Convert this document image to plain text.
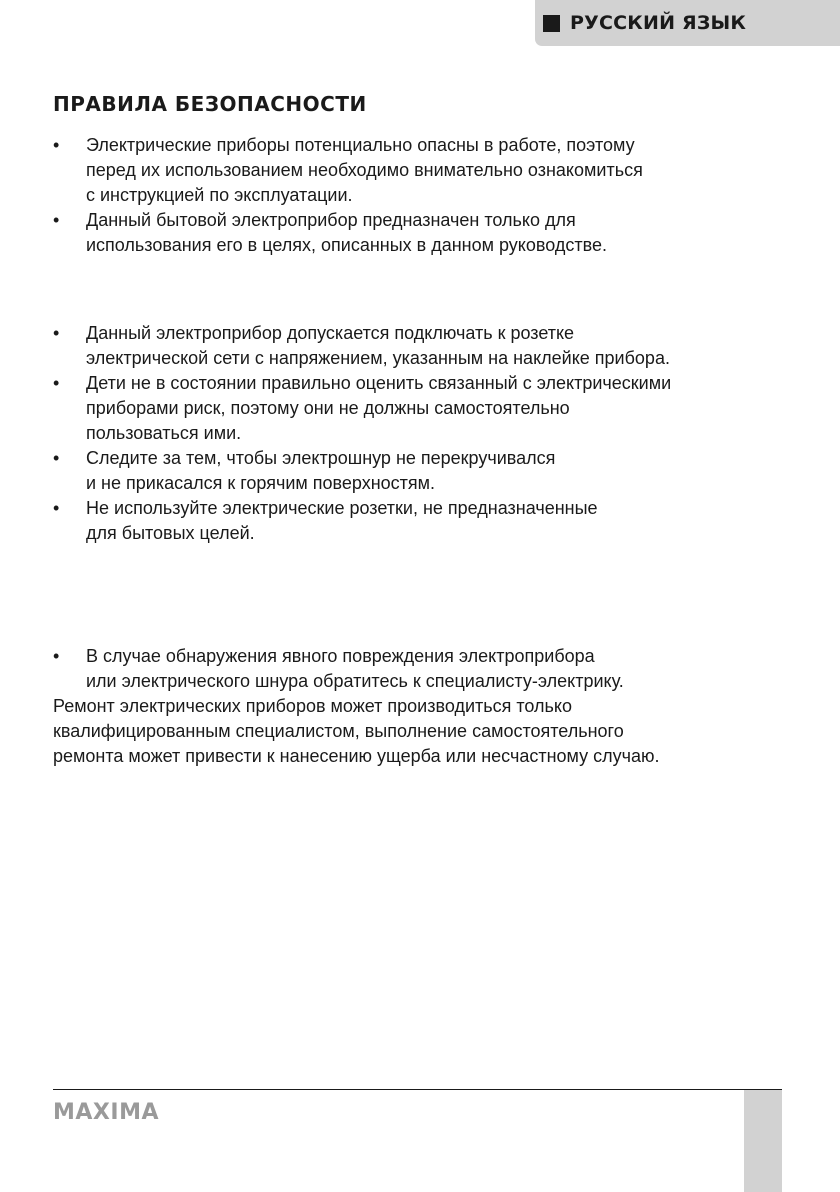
РУССКИЙ ЯЗЫК
ПРАВИЛА БЕЗОПАСНОСТИ
• Электрические приборы потенциально опасны в работе, поэтому
перед их использованием необходимо внимательно ознакомиться
с инструкцией по эксплуатации.
• Данный бытовой электроприбор предназначен только для
использования его в целях, описанных в данном руководстве.
• Данный электроприбор допускается подключать к розетке
электрической сети с напряжением, указанным на наклейке прибора.
• Дети не в состоянии правильно оценить связанный с электрическими
приборами риск, поэтому они не должны самостоятельно
пользоваться ими.
• Следите за тем, чтобы электрошнур не перекручивался
и не прикасался к горячим поверхностям.
• Не используйте электрические розетки, не предназначенные
для бытовых целей.
• В случае обнаружения явного повреждения электроприбора
или электрического шнура обратитесь к специалисту-электрику.

Ремонт электрических приборов может производиться только
квалифицированным специалистом, выполнение самостоятельного
ремонта может привести к нанесению ущерба или несчастному случаю.

MAXIMA
